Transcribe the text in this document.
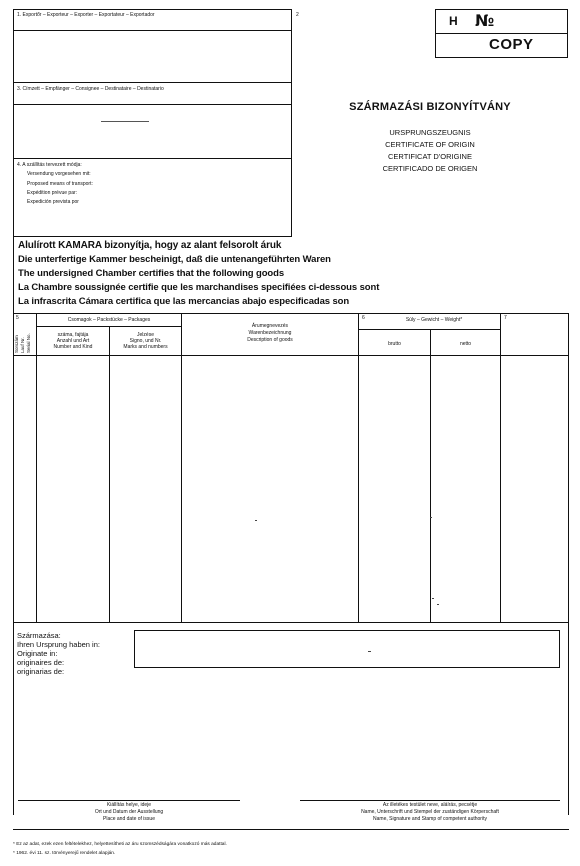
1. Exportőr – Exporteur – Exporter – Exportateur – Exportador	2	H №
COPY
3. Címzett – Empfänger – Consignee – Destinataire – Destinatario
4. A szállítás tervezett módja:
Versendung vorgesehen mit:
Proposed means of transport:
Expédition prévue par:
Expedición prevista por
SZÁRMAZÁSI BIZONYÍTVÁNY
URSPRUNGSZEUGNIS
CERTIFICATE OF ORIGIN
CERTIFICAT D'ORIGINE
CERTIFICADO DE ORIGEN
Alulírott KAMARA bizonyítja, hogy az alant felsorolt áruk
Die unterfertige Kammer bescheinigt, daß die untenangeführten Waren
The undersigned Chamber certifies that the following goods
La Chambre soussignée certifie que les marchandises specifiées ci-dessous sont
La infrascrita Cámara certifica que las mercancias abajo especificadas son
5
Sorszám Lauf Nr. Serial No.
Csomagok – Packstücke – Packages
száma, fajtája
Anzahl und Art
Number and Kind
Jelzése
Signo, und Nr.
Marks and numbers
Árumegnevezés
Warenbezeichnung
Description of goods
6	Súly – Gewicht – Weight*
brutto	netto
7
Származása:
Ihren Ursprung haben in:
Originate in:
originaires de:
originarias de:
Kiállítás helye, ideje
Ort und Datum der Ausstellung
Place and date of issue
Az illetékes testület neve, aláírás, pecsétje
Name, Unterschrift und Stempel der zuständigen Körperschaft
Name, Signature and Stamp of competent authority
* Ez az adat, ezek ezen feltételekhez, helyettesítheti az áru szomszédságára vonatkozó más adattal.
* 1962. évi 11. sz. törvényerejű rendelet alapján.
